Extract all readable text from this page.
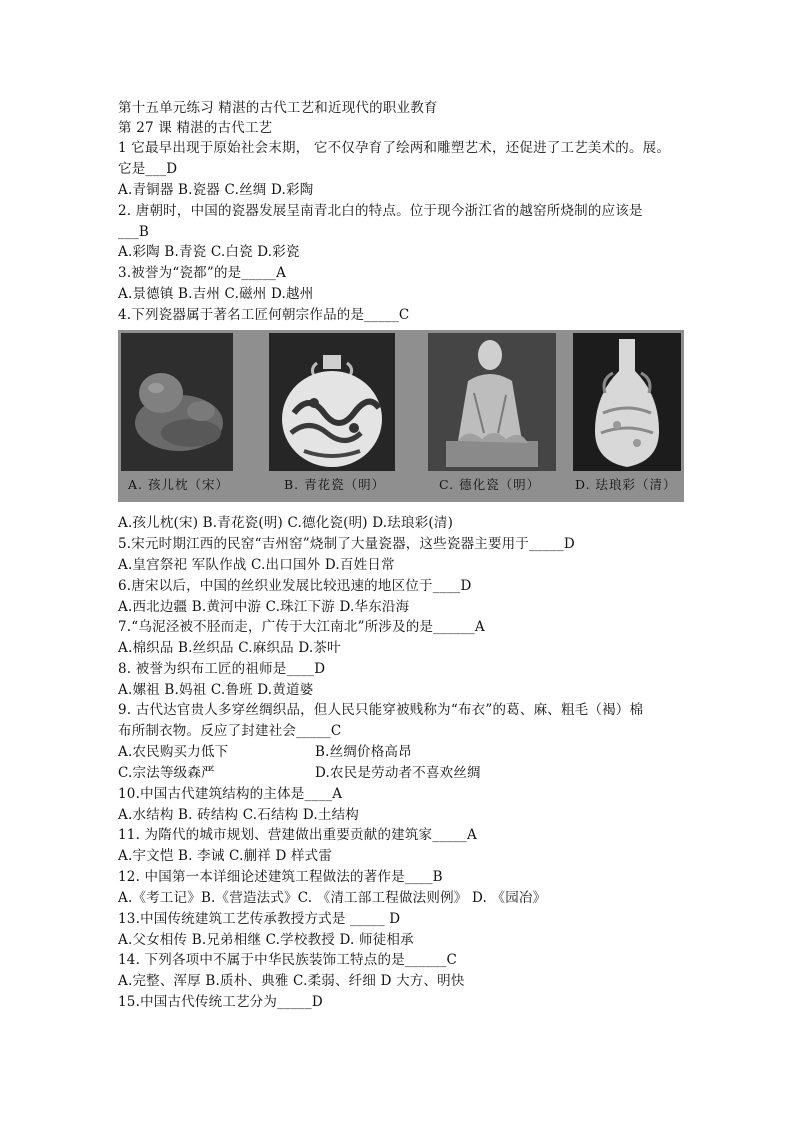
第十五单元练习 精湛的古代工艺和近现代的职业教育
第 27 课 精湛的古代工艺
1 它最早出现于原始社会末期， 它不仅孕育了绘两和雕塑艺术，还促进了工艺美术的。展。
它是___D
A.青铜器 B.瓷器 C.丝绸 D.彩陶
2. 唐朝时，中国的瓷器发展呈南青北白的特点。位于现今浙江省的越窑所烧制的应该是
___B
A.彩陶 B.青瓷 C.白瓷 D.彩瓷
3.被誉为“瓷都”的是_____A
A.景德镇 B.吉州 C.磁州 D.越州
4.下列瓷器属于著名工匠何朝宗作品的是_____C
A. 孩儿枕（宋）	B. 青花瓷（明）	C. 德化瓷（明）	D. 珐琅彩（清）
A.孩儿枕(宋) B.青花瓷(明) C.德化瓷(明) D.珐琅彩(清)
5.宋元时期江西的民窑“吉州窑”烧制了大量瓷器，这些瓷器主要用于_____D
A.皇宫祭祀 军队作战 C.出口国外 D.百姓日常
6.唐宋以后，中国的丝织业发展比较迅速的地区位于____D
A.西北边疆 B.黄河中游 C.珠江下游 D.华东沿海
7.“乌泥泾被不胫而走，广传于大江南北”所涉及的是______A
A.棉织品 B.丝织品 C.麻织品 D.茶叶
8. 被誉为织布工匠的祖师是____D
A.嫘祖 B.妈祖 C.鲁班 D.黄道婆
9. 古代达官贵人多穿丝绸织品，但人民只能穿被贱称为“布衣”的葛、麻、粗毛（褐）棉
布所制衣物。反应了封建社会_____C
A.农民购买力低下	B.丝绸价格高昂
C.宗法等级森严	D.农民是劳动者不喜欢丝绸
10.中国古代建筑结构的主体是____A
A.水结构 B. 砖结构 C.石结构 D.土结构
11. 为隋代的城市规划、营建做出重要贡献的建筑家_____A
A.宇文恺 B. 李诫 C.蒯祥 D 样式雷
12. 中国第一本详细论述建筑工程做法的著作是____B
A.《考工记》B.《营造法式》C. 《清工部工程做法则例》 D. 《园冶》
13.中国传统建筑工艺传承教授方式是 _____ D
A.父女相传 B.兄弟相继 C.学校教授 D. 师徒相承
14. 下列各项中不属于中华民族装饰工特点的是______C
A.完整、浑厚 B.质朴、典雅 C.柔弱、纤细 D 大方、明快
15.中国古代传统工艺分为_____D
